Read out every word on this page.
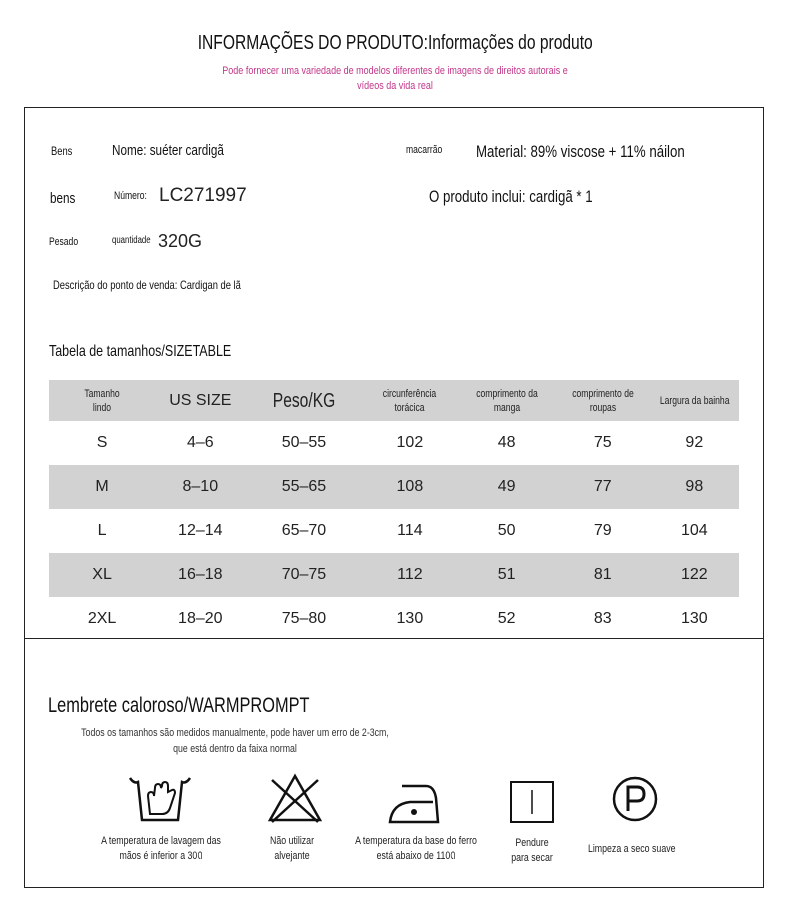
INFORMAÇÕES DO PRODUTO:Informações do produto
Pode fornecer uma variedade de modelos diferentes de imagens de direitos autorais e vídeos da vida real
Bens	Nome: suéter cardigã	macarrão	Material: 89% viscose + 11% náilon
bens	Número: LC271997	O produto inclui: cardigã * 1
Pesado	quantidade 320G
Descrição do ponto de venda: Cardigan de lã
Tabela de tamanhos/SIZETABLE
Tamanho lindo	US SIZE	Peso/KG	circunferência torácica	comprimento da manga	comprimento de roupas	Largura da bainha
S	4–6	50–55	102	48	75	92
M	8–10	55–65	108	49	77	98
L	12–14	65–70	114	50	79	104
XL	16–18	70–75	112	51	81	122
2XL	18–20	75–80	130	52	83	130
Lembrete caloroso/WARMPROMPT
Todos os tamanhos são medidos manualmente, pode haver um erro de 2-3cm, que está dentro da faixa normal
A temperatura de lavagem das mãos é inferior a 30ꢡ
Não utilizar alvejante
A temperatura da base do ferro está abaixo de 110ꢡ
Pendure para secar
Limpeza a seco suave
